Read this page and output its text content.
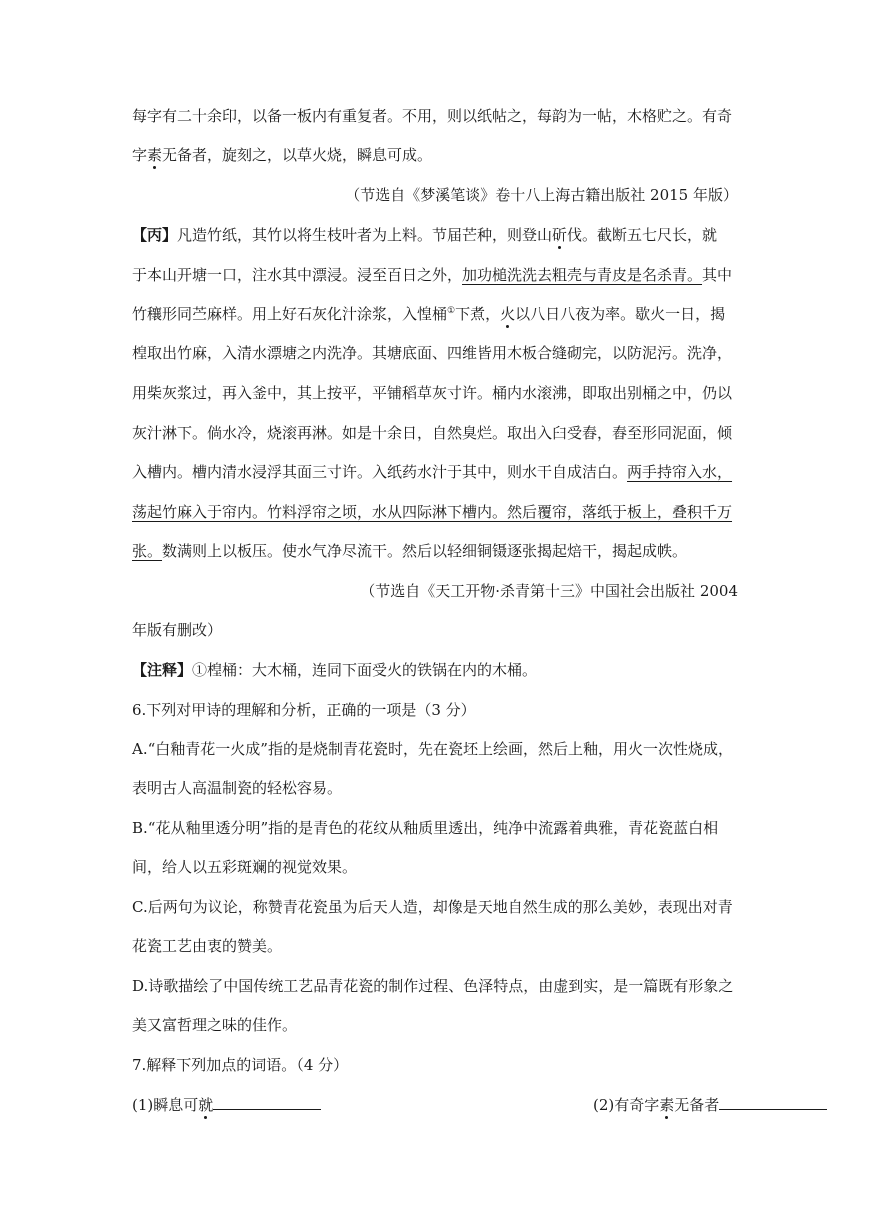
每字有二十余印，以备一板内有重复者。不用，则以纸帖之，每韵为一帖，木格贮之。有奇
字素无备者，旋刻之，以草火烧，瞬息可成。
（节选自《梦溪笔谈》卷十八上海古籍出版社 2015 年版）
【丙】凡造竹纸，其竹以将生枝叶者为上料。节届芒种，则登山斫伐。截断五七尺长，就
于本山开塘一口，注水其中漂浸。浸至百日之外，加功槌洗洗去粗壳与青皮是名杀青。其中
竹穰形同苎麻样。用上好石灰化汁涂浆，入惶桶①下煮，火以八日八夜为率。歇火一日，揭
楻取出竹麻，入清水漂塘之内洗净。其塘底面、四维皆用木板合缝砌完，以防泥污。洗净，
用柴灰浆过，再入釜中，其上按平，平铺稻草灰寸许。桶内水滚沸，即取出别桶之中，仍以
灰汁淋下。倘水冷，烧滚再淋。如是十余日，自然臭烂。取出入臼受舂，舂至形同泥面，倾
入槽内。槽内清水浸浮其面三寸许。入纸药水汁于其中，则水干自成洁白。两手持帘入水，
荡起竹麻入于帘内。竹料浮帘之顷，水从四际淋下槽内。然后覆帘，落纸于板上，叠积千万
张。数满则上以板压。使水气净尽流干。然后以轻细铜镊逐张揭起焙干，揭起成帙。
（节选自《天工开物·杀青第十三》中国社会出版社 2004
年版有删改）
【注释】①楻桶：大木桶，连同下面受火的铁锅在内的木桶。
6.下列对甲诗的理解和分析，正确的一项是（3 分）
A.“白釉青花一火成”指的是烧制青花瓷时，先在瓷坯上绘画，然后上釉，用火一次性烧成，
表明古人高温制瓷的轻松容易。
B.“花从釉里透分明”指的是青色的花纹从釉质里透出，纯净中流露着典雅，青花瓷蓝白相
间，给人以五彩斑斓的视觉效果。
C.后两句为议论，称赞青花瓷虽为后天人造，却像是天地自然生成的那么美妙，表现出对青
花瓷工艺由衷的赞美。
D.诗歌描绘了中国传统工艺品青花瓷的制作过程、色泽特点，由虚到实，是一篇既有形象之
美又富哲理之味的佳作。
7.解释下列加点的词语。（4 分）
(1)瞬息可就	(2)有奇字素无备者
